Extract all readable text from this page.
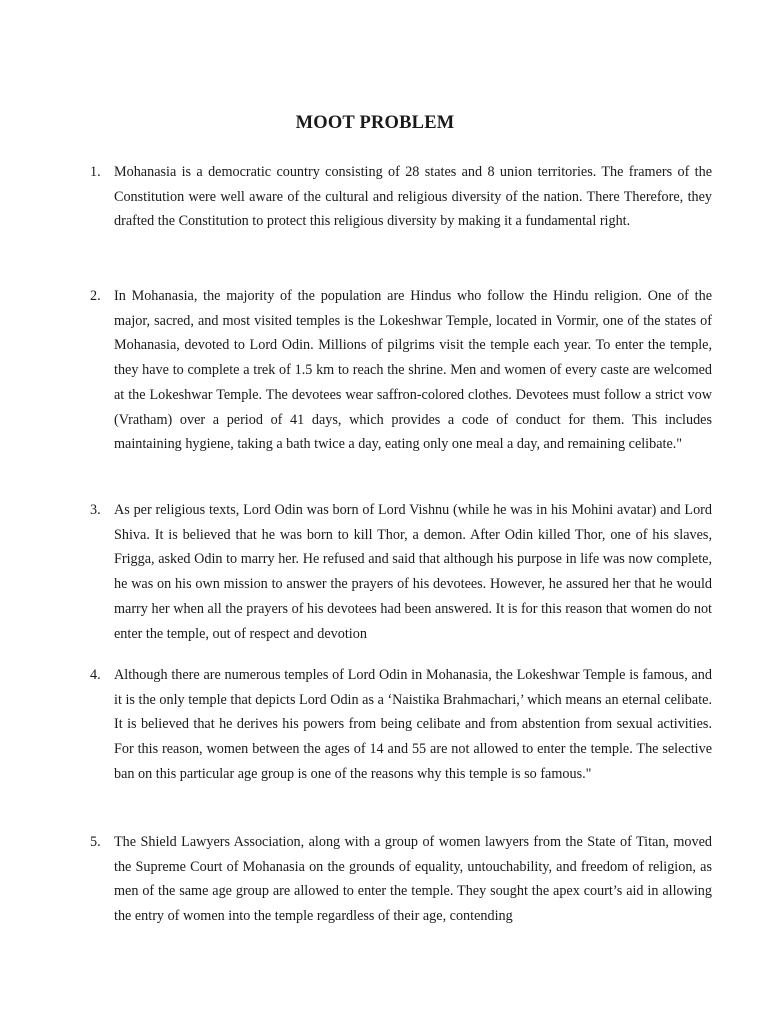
MOOT PROBLEM
1. Mohanasia is a democratic country consisting of 28 states and 8 union territories. The framers of the Constitution were well aware of the cultural and religious diversity of the nation. There Therefore, they drafted the Constitution to protect this religious diversity by making it a fundamental right.

2. In Mohanasia, the majority of the population are Hindus who follow the Hindu religion. One of the major, sacred, and most visited temples is the Lokeshwar Temple, located in Vormir, one of the states of Mohanasia, devoted to Lord Odin. Millions of pilgrims visit the temple each year. To enter the temple, they have to complete a trek of 1.5 km to reach the shrine. Men and women of every caste are welcomed at the Lokeshwar Temple. The devotees wear saffron-colored clothes. Devotees must follow a strict vow (Vratham) over a period of 41 days, which provides a code of conduct for them. This includes maintaining hygiene, taking a bath twice a day, eating only one meal a day, and remaining celibate."

3. As per religious texts, Lord Odin was born of Lord Vishnu (while he was in his Mohini avatar) and Lord Shiva. It is believed that he was born to kill Thor, a demon. After Odin killed Thor, one of his slaves, Frigga, asked Odin to marry her. He refused and said that although his purpose in life was now complete, he was on his own mission to answer the prayers of his devotees. However, he assured her that he would marry her when all the prayers of his devotees had been answered. It is for this reason that women do not enter the temple, out of respect and devotion

4. Although there are numerous temples of Lord Odin in Mohanasia, the Lokeshwar Temple is famous, and it is the only temple that depicts Lord Odin as a ‘Naistika Brahmachari,’ which means an eternal celibate. It is believed that he derives his powers from being celibate and from abstention from sexual activities. For this reason, women between the ages of 14 and 55 are not allowed to enter the temple. The selective ban on this particular age group is one of the reasons why this temple is so famous."

5. The Shield Lawyers Association, along with a group of women lawyers from the State of Titan, moved the Supreme Court of Mohanasia on the grounds of equality, untouchability, and freedom of religion, as men of the same age group are allowed to enter the temple. They sought the apex court’s aid in allowing the entry of women into the temple regardless of their age, contending
